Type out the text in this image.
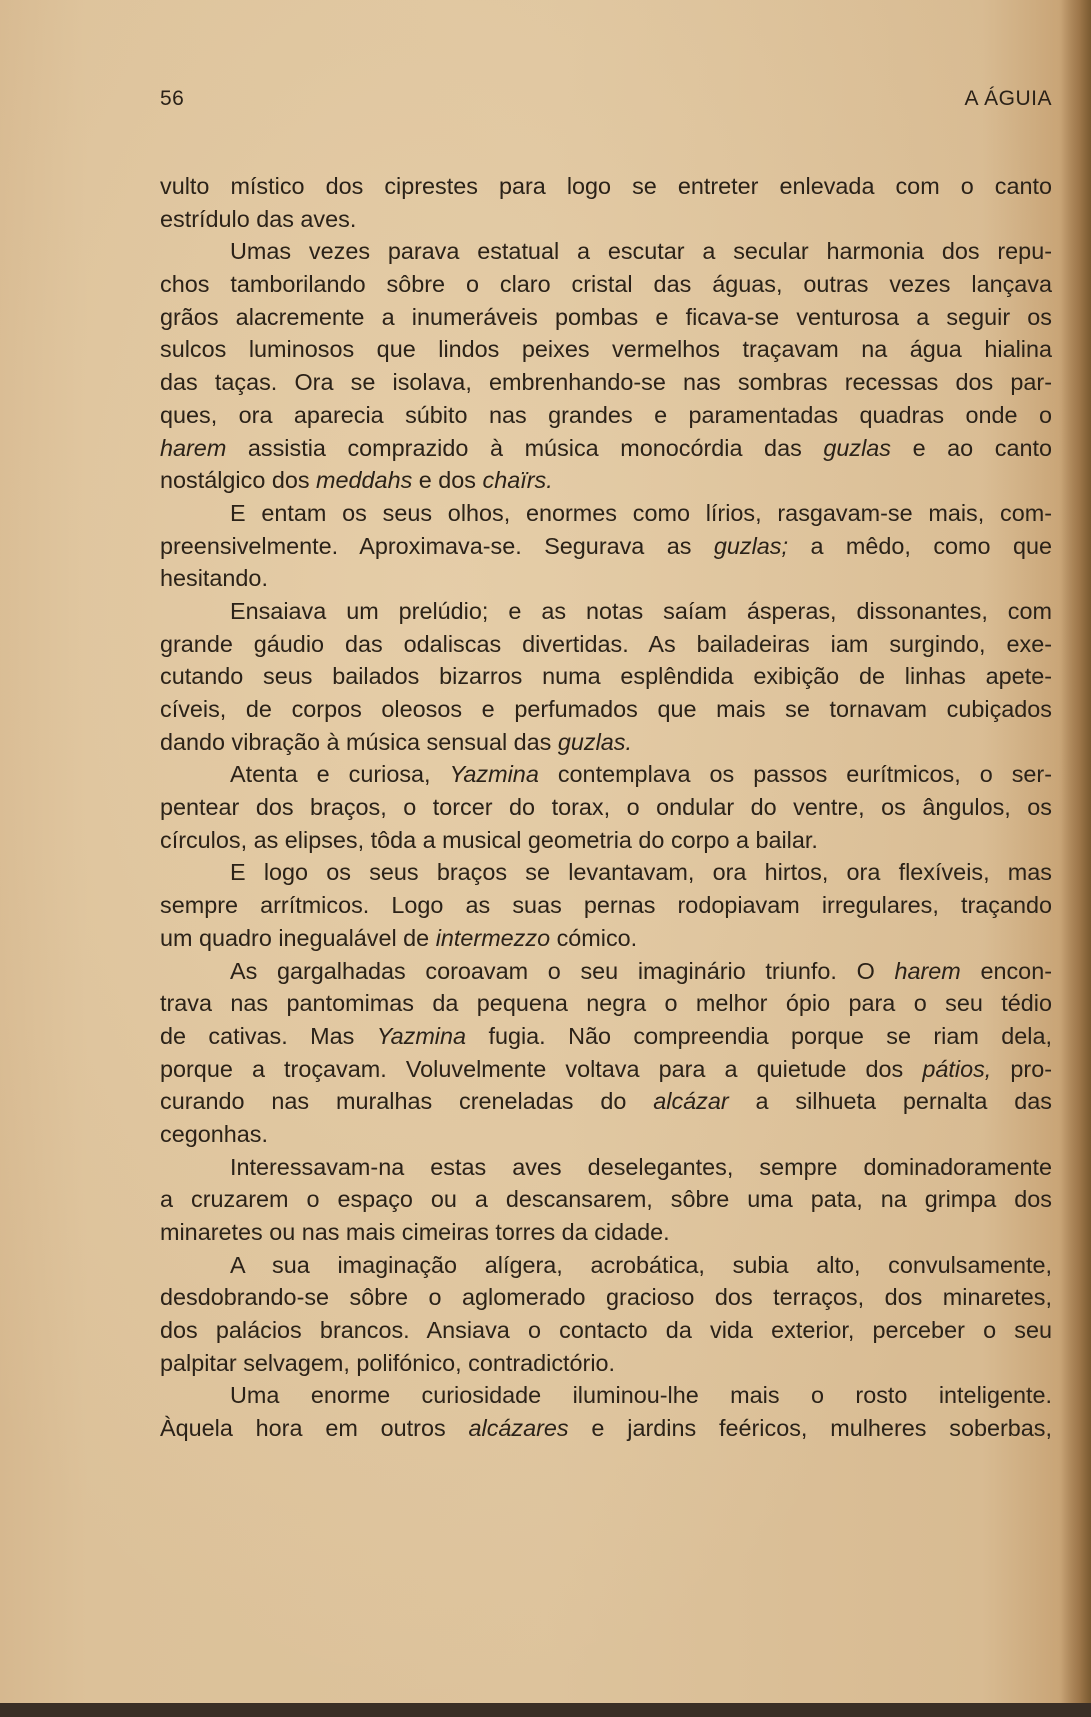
56	A ÁGUIA
vulto místico dos ciprestes para logo se entreter enlevada com o canto
estrídulo das aves.
Umas vezes parava estatual a escutar a secular harmonia dos repu-
chos tamborilando sôbre o claro cristal das águas, outras vezes lançava
grãos alacremente a inumeráveis pombas e ficava-se venturosa a seguir os
sulcos luminosos que lindos peixes vermelhos traçavam na água hialina
das taças. Ora se isolava, embrenhando-se nas sombras recessas dos par-
ques, ora aparecia súbito nas grandes e paramentadas quadras onde o
harem assistia comprazido à música monocórdia das guzlas e ao canto
nostálgico dos meddahs e dos chaïrs.
E entam os seus olhos, enormes como lírios, rasgavam-se mais, com-
preensivelmente. Aproximava-se. Segurava as guzlas; a mêdo, como que
hesitando.
Ensaiava um prelúdio; e as notas saíam ásperas, dissonantes, com
grande gáudio das odaliscas divertidas. As bailadeiras iam surgindo, exe-
cutando seus bailados bizarros numa esplêndida exibição de linhas apete-
cíveis, de corpos oleosos e perfumados que mais se tornavam cubiçados
dando vibração à música sensual das guzlas.
Atenta e curiosa, Yazmina contemplava os passos eurítmicos, o ser-
pentear dos braços, o torcer do torax, o ondular do ventre, os ângulos, os
círculos, as elipses, tôda a musical geometria do corpo a bailar.
E logo os seus braços se levantavam, ora hirtos, ora flexíveis, mas
sempre arrítmicos. Logo as suas pernas rodopiavam irregulares, traçando
um quadro inegualável de intermezzo cómico.
As gargalhadas coroavam o seu imaginário triunfo. O harem encon-
trava nas pantomimas da pequena negra o melhor ópio para o seu tédio
de cativas. Mas Yazmina fugia. Não compreendia porque se riam dela,
porque a troçavam. Voluvelmente voltava para a quietude dos pátios, pro-
curando nas muralhas creneladas do alcázar a silhueta pernalta das
cegonhas.
Interessavam-na estas aves deselegantes, sempre dominadoramente
a cruzarem o espaço ou a descansarem, sôbre uma pata, na grimpa dos
minaretes ou nas mais cimeiras torres da cidade.
A sua imaginação alígera, acrobática, subia alto, convulsamente,
desdobrando-se sôbre o aglomerado gracioso dos terraços, dos minaretes,
dos palácios brancos. Ansiava o contacto da vida exterior, perceber o seu
palpitar selvagem, polifónico, contradictório.
Uma enorme curiosidade iluminou-lhe mais o rosto inteligente.
Àquela hora em outros alcázares e jardins feéricos, mulheres soberbas,
